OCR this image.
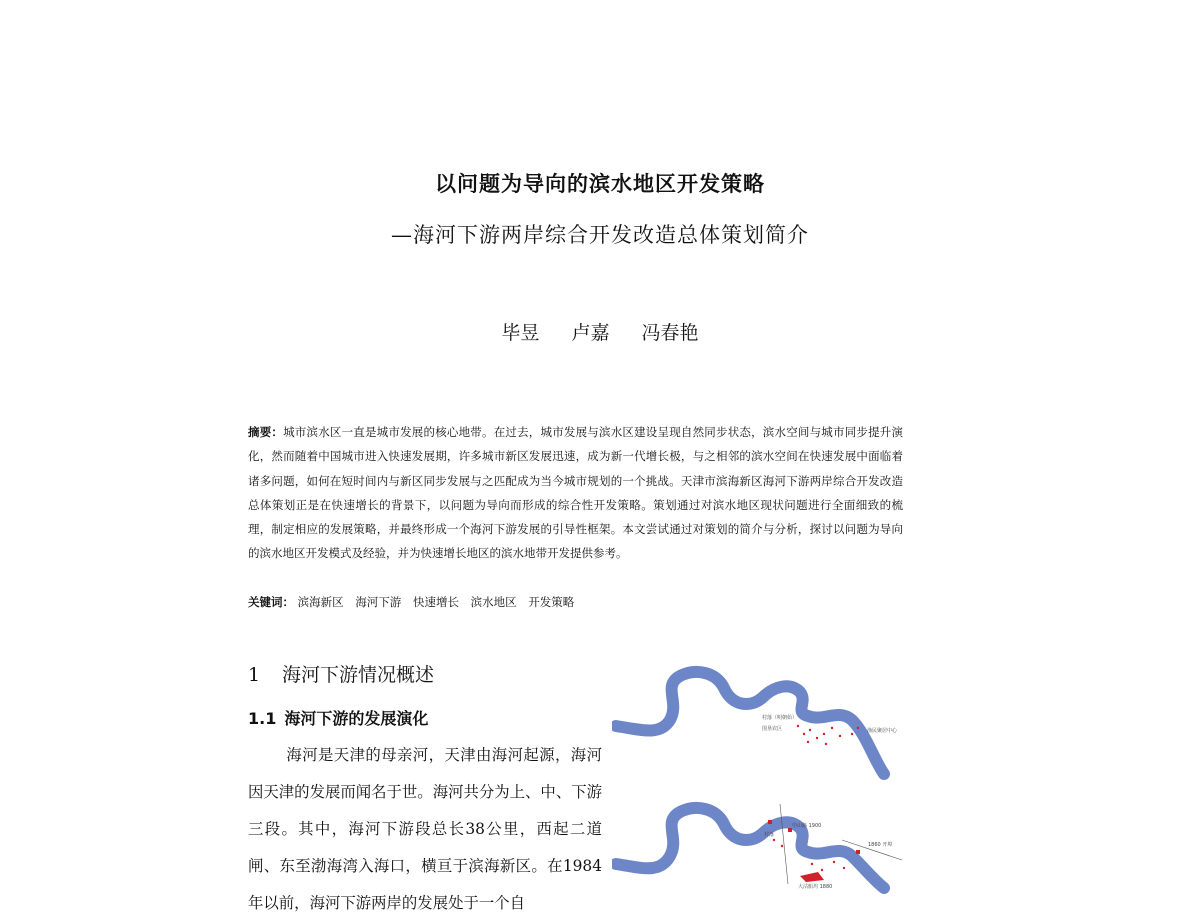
以问题为导向的滨水地区开发策略
—海河下游两岸综合开发改造总体策划简介
毕昱 卢嘉 冯春艳
摘要：城市滨水区一直是城市发展的核心地带。在过去，城市发展与滨水区建设呈现自然同步状态，滨水空间与城市同步提升演化，然而随着中国城市进入快速发展期，许多城市新区发展迅速，成为新一代增长极，与之相邻的滨水空间在快速发展中面临着诸多问题，如何在短时间内与新区同步发展与之匹配成为当今城市规划的一个挑战。天津市滨海新区海河下游两岸综合开发改造总体策划正是在快速增长的背景下，以问题为导向而形成的综合性开发策略。策划通过对滨水地区现状问题进行全面细致的梳理，制定相应的发展策略，并最终形成一个海河下游发展的引导性框架。本文尝试通过对策划的简介与分析，探讨以问题为导向的滨水地区开发模式及经验，并为快速增长地区的滨水地带开发提供参考。
关键词： 滨海新区 海河下游 快速增长 滨水地区 开发策略
1 海河下游情况概述
1.1 海河下游的发展演化
海河是天津的母亲河，天津由海河起源，海河因天津的发展而闻名于世。海河共分为上、中、下游三段。其中，海河下游段总长38公里，西起二道闸、东至渤海湾入海口，横亘于滨海新区。在1984年以前，海河下游两岸的发展处于一个自
村落（明朝始）
围垦农区	渔民聚居中心
中山路 1900
村落
1860 开埠
大沽船坞 1880
